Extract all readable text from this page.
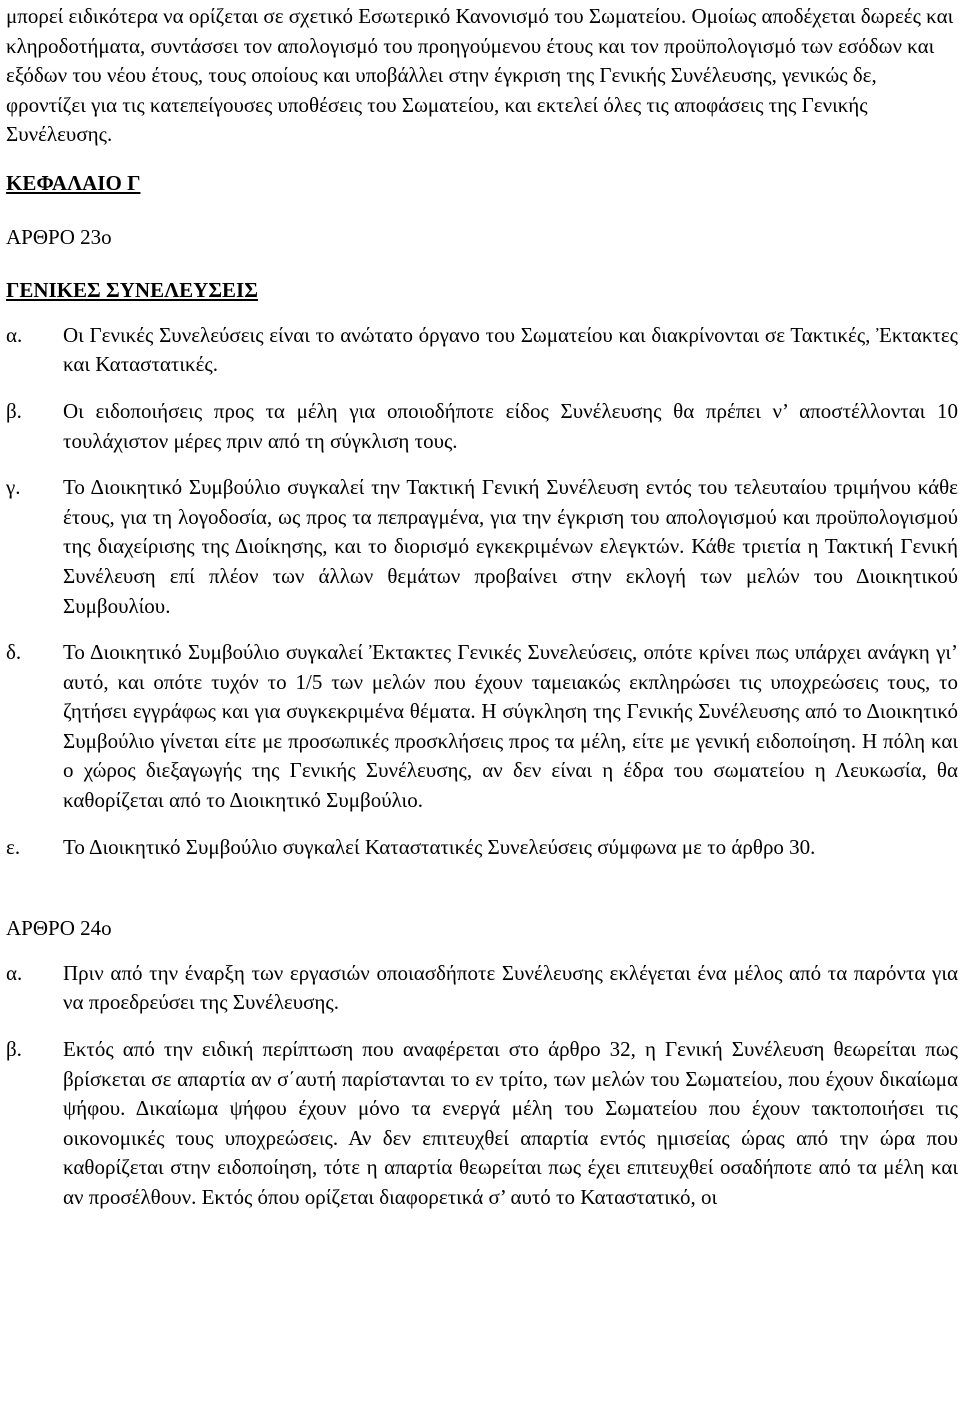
μπορεί ειδικότερα να ορίζεται σε σχετικό Εσωτερικό Κανονισμό του Σωματείου. Ομοίως αποδέχεται δωρεές και κληροδοτήματα, συντάσσει τον απολογισμό του προηγούμενου έτους και τον προϋπολογισμό των εσόδων και εξόδων του νέου έτους, τους οποίους και υποβάλλει στην έγκριση της Γενικής Συνέλευσης, γενικώς δε, φροντίζει για τις κατεπείγουσες υποθέσεις του Σωματείου, και εκτελεί όλες τις αποφάσεις της Γενικής Συνέλευσης.

ΚΕΦΑΛΑΙΟ Γ

ΑΡΘΡΟ 23ο

ΓΕΝΙΚΕΣ ΣΥΝΕΛΕΥΣΕΙΣ

α.	Οι Γενικές Συνελεύσεις είναι το ανώτατο όργανο του Σωματείου και διακρίνονται σε Τακτικές, Ἐκτακτες και Καταστατικές.
β.	Οι ειδοποιήσεις προς τα μέλη για οποιοδήποτε είδος Συνέλευσης θα πρέπει ν’ αποστέλλονται 10 τουλάχιστον μέρες πριν από τη σύγκλιση τους.
γ.	Το Διοικητικό Συμβούλιο συγκαλεί την Τακτική Γενική Συνέλευση εντός του τελευταίου τριμήνου κάθε έτους, για τη λογοδοσία, ως προς τα πεπραγμένα, για την έγκριση του απολογισμού και προϋπολογισμού της διαχείρισης της Διοίκησης, και το διορισμό εγκεκριμένων ελεγκτών. Κάθε τριετία η Τακτική Γενική Συνέλευση επί πλέον των άλλων θεμάτων προβαίνει στην εκλογή των μελών του Διοικητικού Συμβουλίου.
δ.	Το Διοικητικό Συμβούλιο συγκαλεί Ἐκτακτες Γενικές Συνελεύσεις, οπότε κρίνει πως υπάρχει ανάγκη γι’ αυτό, και οπότε τυχόν το 1/5 των μελών που έχουν ταμειακώς εκπληρώσει τις υποχρεώσεις τους, το ζητήσει εγγράφως και για συγκεκριμένα θέματα. Η σύγκληση της Γενικής Συνέλευσης από το Διοικητικό Συμβούλιο γίνεται είτε με προσωπικές προσκλήσεις προς τα μέλη, είτε με γενική ειδοποίηση. Η πόλη και ο χώρος διεξαγωγής της Γενικής Συνέλευσης, αν δεν είναι η έδρα του σωματείου η Λευκωσία, θα καθορίζεται από το Διοικητικό Συμβούλιο.
ε.	Το Διοικητικό Συμβούλιο συγκαλεί Καταστατικές Συνελεύσεις σύμφωνα με το άρθρο 30.

ΑΡΘΡΟ 24ο

α.	Πριν από την έναρξη των εργασιών οποιασδήποτε Συνέλευσης εκλέγεται ένα μέλος από τα παρόντα για να προεδρεύσει της Συνέλευσης.
β.	Εκτός από την ειδική περίπτωση που αναφέρεται στο άρθρο 32, η Γενική Συνέλευση θεωρείται πως βρίσκεται σε απαρτία αν σ΄αυτή παρίστανται το εν τρίτο, των μελών του Σωματείου, που έχουν δικαίωμα ψήφου. Δικαίωμα ψήφου έχουν μόνο τα ενεργά μέλη του Σωματείου που έχουν τακτοποιήσει τις οικονομικές τους υποχρεώσεις. Αν δεν επιτευχθεί απαρτία εντός ημισείας ώρας από την ώρα που καθορίζεται στην ειδοποίηση, τότε η απαρτία θεωρείται πως έχει επιτευχθεί οσαδήποτε από τα μέλη και αν προσέλθουν. Εκτός όπου ορίζεται διαφορετικά σ’ αυτό το Καταστατικό, οι
